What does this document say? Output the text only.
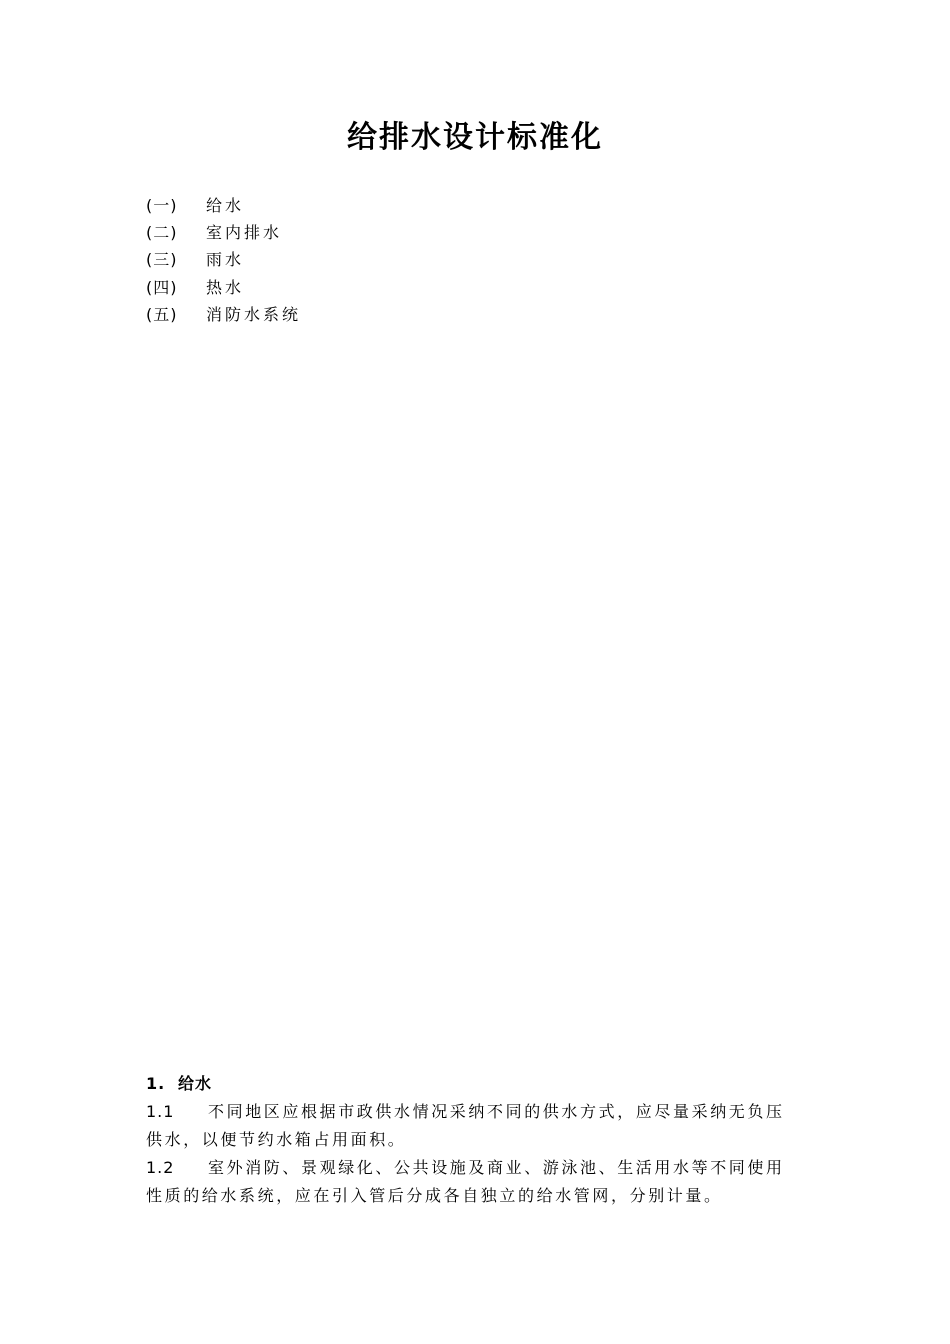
给排水设计标准化
(一) 给水
(二) 室内排水
(三) 雨水
(四) 热水
(五) 消防水系统
1. 给水
1.1 不同地区应根据市政供水情况采纳不同的供水方式，应尽量采纳无负压供水，以便节约水箱占用面积。
1.2 室外消防、景观绿化、公共设施及商业、游泳池、生活用水等不同使用性质的给水系统，应在引入管后分成各自独立的给水管网，分别计量。
